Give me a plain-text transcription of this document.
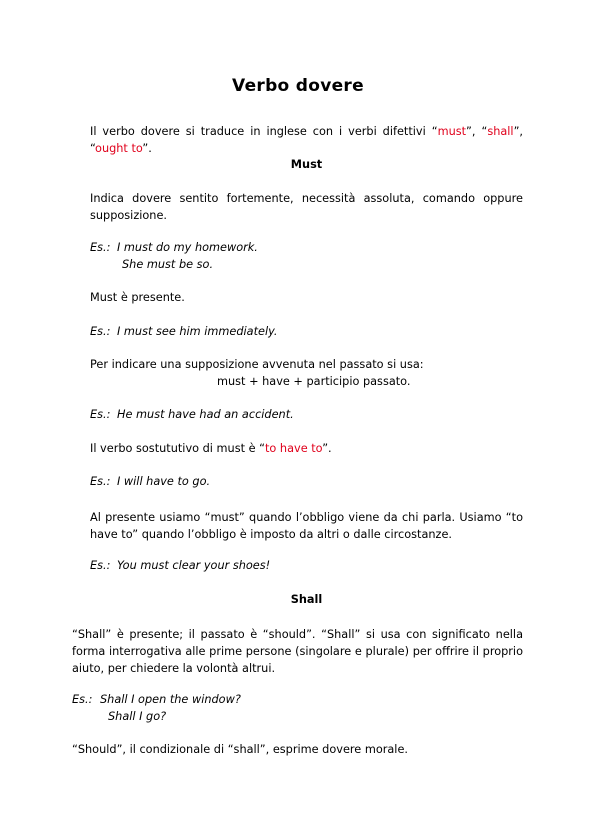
Verbo dovere

Il verbo dovere si traduce in inglese con i verbi difettivi “must”, “shall”, “ought to”.

Must

Indica dovere sentito fortemente, necessità assoluta, comando oppure supposizione.

Es.: I must do my homework.
She must be so.
Must è presente.
Es.: I must see him immediately.
Per indicare una supposizione avvenuta nel passato si usa:
must + have + participio passato.
Es.: He must have had an accident.
Il verbo sostututivo di must è “to have to”.
Es.: I will have to go.

Al presente usiamo “must” quando l’obbligo viene da chi parla. Usiamo “to have to” quando l’obbligo è imposto da altri o dalle circostanze.

Es.: You must clear your shoes!
Shall

“Shall” è presente; il passato è “should”. “Shall” si usa con significato nella forma interrogativa alle prime persone (singolare e plurale) per offrire il proprio aiuto, per chiedere la volontà altrui.

Es.: Shall I open the window?
Shall I go?
“Should”, il condizionale di “shall”, esprime dovere morale.
